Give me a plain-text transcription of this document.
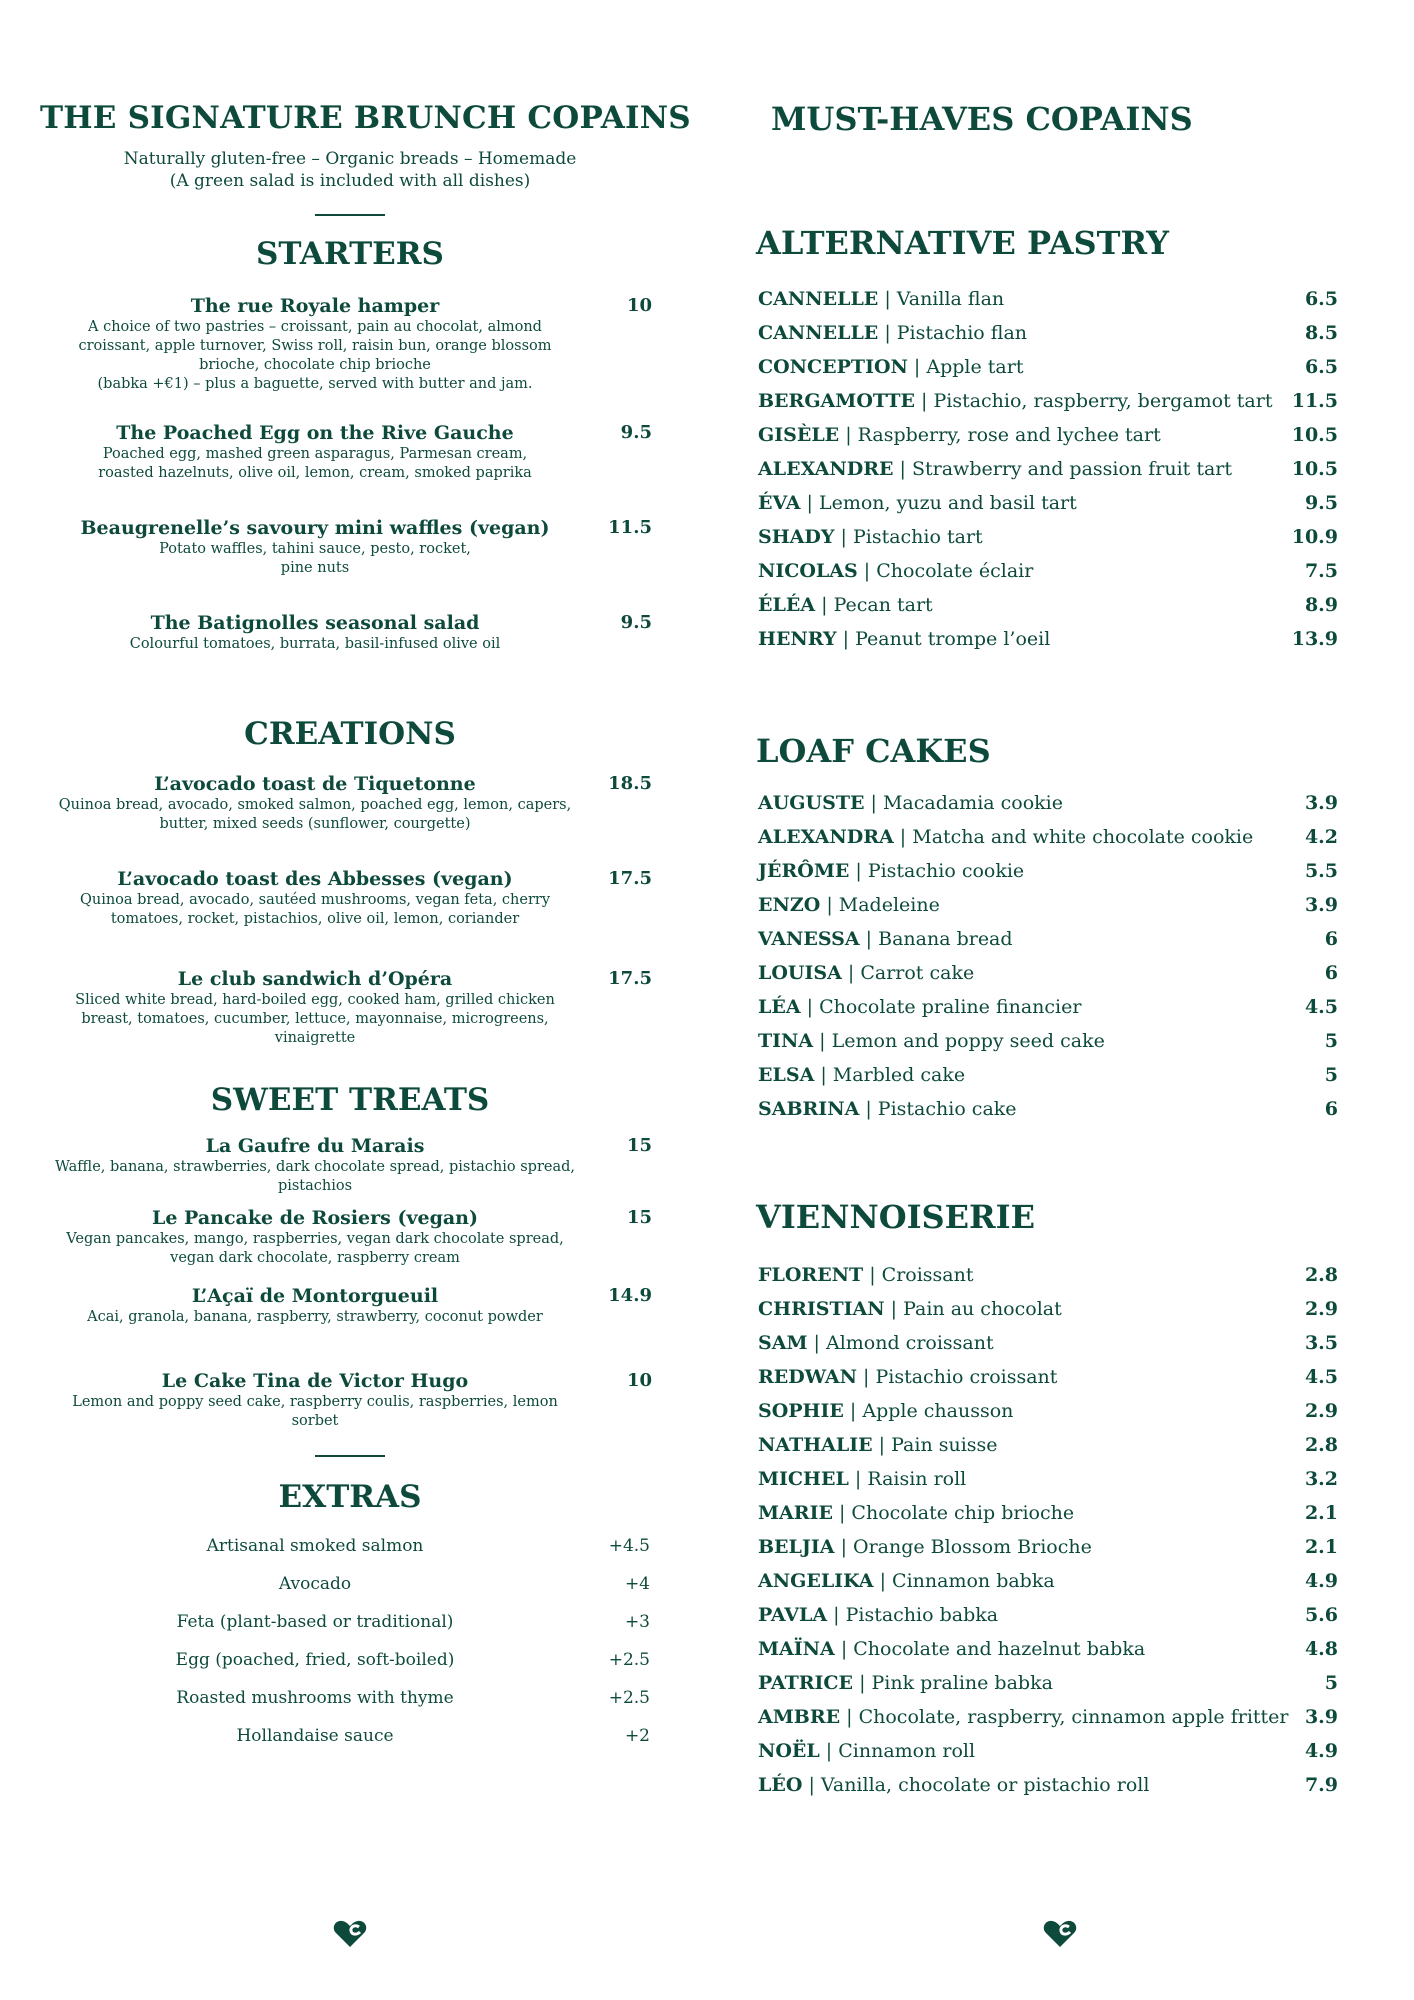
THE SIGNATURE BRUNCH COPAINS
Naturally gluten-free – Organic breads – Homemade
(A green salad is included with all dishes)
STARTERS
The rue Royale hamper
A choice of two pastries – croissant, pain au chocolat, almond
croissant, apple turnover, Swiss roll, raisin bun, orange blossom
brioche, chocolate chip brioche
(babka +€1) – plus a baguette, served with butter and jam.
10
The Poached Egg on the Rive Gauche
Poached egg, mashed green asparagus, Parmesan cream,
roasted hazelnuts, olive oil, lemon, cream, smoked paprika
9.5
Beaugrenelle’s savoury mini waffles (vegan)
Potato waffles, tahini sauce, pesto, rocket,
pine nuts
11.5
The Batignolles seasonal salad
Colourful tomatoes, burrata, basil-infused olive oil
9.5
CREATIONS
L’avocado toast de Tiquetonne
Quinoa bread, avocado, smoked salmon, poached egg, lemon, capers,
butter, mixed seeds (sunflower, courgette)
18.5
L’avocado toast des Abbesses (vegan)
Quinoa bread, avocado, sautéed mushrooms, vegan feta, cherry
tomatoes, rocket, pistachios, olive oil, lemon, coriander
17.5
Le club sandwich d’Opéra
Sliced white bread, hard-boiled egg, cooked ham, grilled chicken
breast, tomatoes, cucumber, lettuce, mayonnaise, microgreens,
vinaigrette
17.5
SWEET TREATS
La Gaufre du Marais
Waffle, banana, strawberries, dark chocolate spread, pistachio spread,
pistachios
15
Le Pancake de Rosiers (vegan)
Vegan pancakes, mango, raspberries, vegan dark chocolate spread,
vegan dark chocolate, raspberry cream
15
L’Açaï de Montorgueuil
Acai, granola, banana, raspberry, strawberry, coconut powder
14.9
Le Cake Tina de Victor Hugo
Lemon and poppy seed cake, raspberry coulis, raspberries, lemon
sorbet
10
EXTRAS
Artisanal smoked salmon	+4.5
Avocado	+4
Feta (plant-based or traditional)	+3
Egg (poached, fried, soft-boiled)	+2.5
Roasted mushrooms with thyme	+2.5
Hollandaise sauce	+2
MUST-HAVES COPAINS
ALTERNATIVE PASTRY
CANNELLE | Vanilla flan	6.5
CANNELLE | Pistachio flan	8.5
CONCEPTION | Apple tart	6.5
BERGAMOTTE | Pistachio, raspberry, bergamot tart 11.5
GISÈLE | Raspberry, rose and lychee tart	10.5
ALEXANDRE | Strawberry and passion fruit tart	10.5
ÉVA | Lemon, yuzu and basil tart	9.5
SHADY | Pistachio tart	10.9
NICOLAS | Chocolate éclair	7.5
ÉLÉA | Pecan tart	8.9
HENRY | Peanut trompe l’oeil	13.9
LOAF CAKES
AUGUSTE | Macadamia cookie	3.9
ALEXANDRA | Matcha and white chocolate cookie	4.2
JÉRÔME | Pistachio cookie	5.5
ENZO | Madeleine	3.9
VANESSA | Banana bread	6
LOUISA | Carrot cake	6
LÉA | Chocolate praline financier	4.5
TINA | Lemon and poppy seed cake	5
ELSA | Marbled cake	5
SABRINA | Pistachio cake	6
VIENNOISERIE
FLORENT | Croissant	2.8
CHRISTIAN | Pain au chocolat	2.9
SAM | Almond croissant	3.5
REDWAN | Pistachio croissant	4.5
SOPHIE | Apple chausson	2.9
NATHALIE | Pain suisse	2.8
MICHEL | Raisin roll	3.2
MARIE | Chocolate chip brioche	2.1
BELJIA | Orange Blossom Brioche	2.1
ANGELIKA | Cinnamon babka	4.9
PAVLA | Pistachio babka	5.6
MAÏNA | Chocolate and hazelnut babka	4.8
PATRICE | Pink praline babka	5
AMBRE | Chocolate, raspberry, cinnamon apple fritter 3.9
NOËL | Cinnamon roll	4.9
LÉO | Vanilla, chocolate or pistachio roll	7.9
